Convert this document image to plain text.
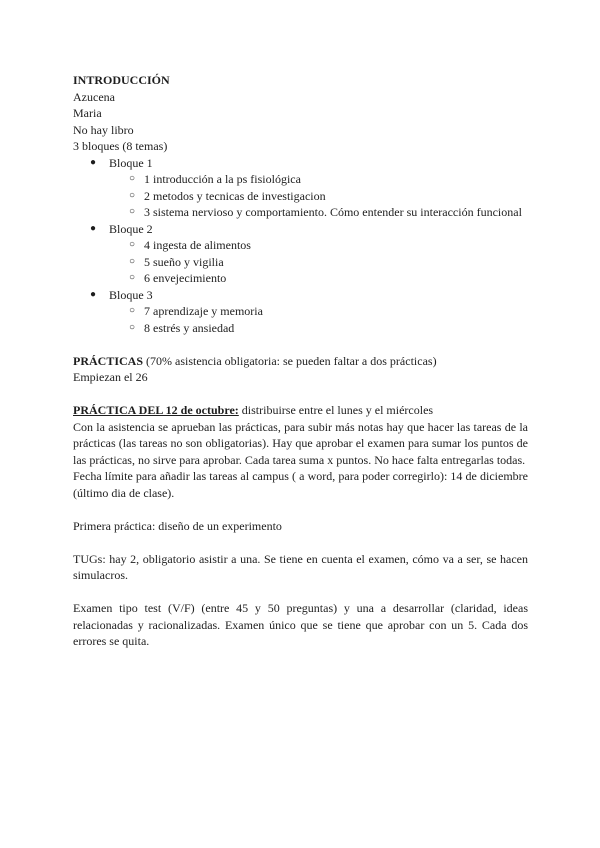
INTRODUCCIÓN

Azucena

Maria

No hay libro

3 bloques (8 temas)

● Bloque 1
○ 1 introducción a la ps fisiológica
○ 2 metodos y tecnicas de investigacion
○ 3 sistema nervioso y comportamiento. Cómo entender su interacción funcional
● Bloque 2
○ 4 ingesta de alimentos
○ 5 sueño y vigilia
○ 6 envejecimiento
● Bloque 3
○ 7 aprendizaje y memoria
○ 8 estrés y ansiedad

PRÁCTICAS (70% asistencia obligatoria: se pueden faltar a dos prácticas)

Empiezan el 26

PRÁCTICA DEL 12 de octubre: distribuirse entre el lunes y el miércoles

Con la asistencia se aprueban las prácticas, para subir más notas hay que hacer las tareas de la prácticas (las tareas no son obligatorias). Hay que aprobar el examen para sumar los puntos de las prácticas, no sirve para aprobar. Cada tarea suma x puntos. No hace falta entregarlas todas.

Fecha límite para añadir las tareas al campus ( a word, para poder corregirlo): 14 de diciembre (último dia de clase).

Primera práctica: diseño de un experimento

TUGs: hay 2, obligatorio asistir a una. Se tiene en cuenta el examen, cómo va a ser, se hacen simulacros.

Examen tipo test (V/F) (entre 45 y 50 preguntas) y una a desarrollar (claridad, ideas relacionadas y racionalizadas. Examen único que se tiene que aprobar con un 5. Cada dos errores se quita.
